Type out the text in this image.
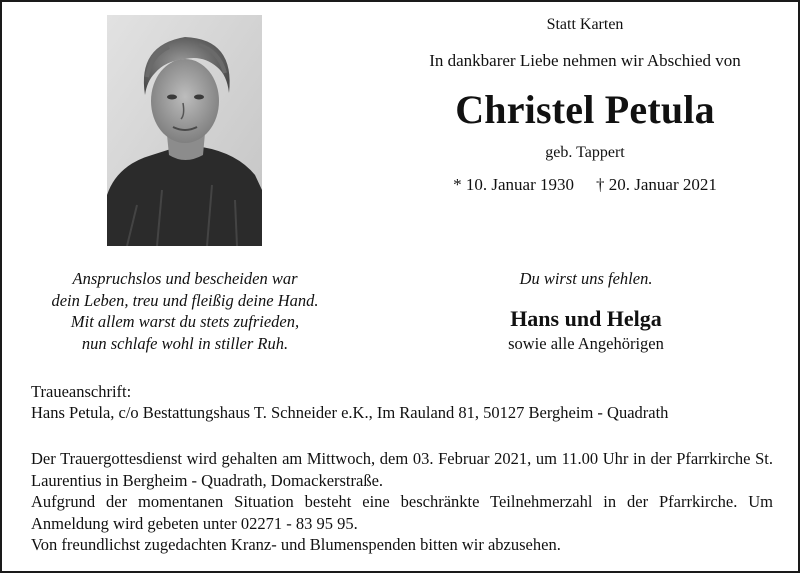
Statt Karten
In dankbarer Liebe nehmen wir Abschied von
Christel Petula
geb. Tappert
* 10. Januar 1930 † 20. Januar 2021
Anspruchslos und bescheiden war
dein Leben, treu und fleißig deine Hand.
Mit allem warst du stets zufrieden,
nun schlafe wohl in stiller Ruh.
Du wirst uns fehlen.
Hans und Helga
sowie alle Angehörigen
Traueanschrift:
Hans Petula, c/o Bestattungshaus T. Schneider e.K., Im Rauland 81, 50127 Bergheim - Quadrath

Der Trauergottesdienst wird gehalten am Mittwoch, dem 03. Februar 2021, um 11.00 Uhr in der Pfarrkirche St. Laurentius in Bergheim - Quadrath, Domackerstraße.

Aufgrund der momentanen Situation besteht eine beschränkte Teilnehmerzahl in der Pfarrkirche. Um Anmeldung wird gebeten unter 02271 - 83 95 95.

Von freundlichst zugedachten Kranz- und Blumenspenden bitten wir abzusehen.
